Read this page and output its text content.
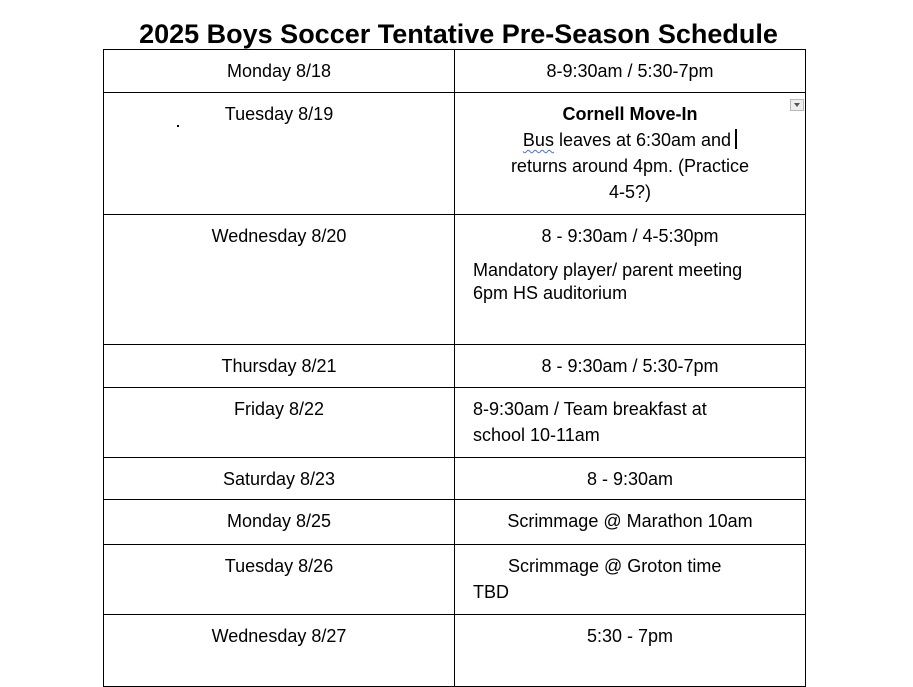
2025 Boys Soccer Tentative Pre-Season Schedule
Monday 8/18	8-9:30am / 5:30-7pm

Tuesday 8/19	Cornell Move-In
Bus leaves at 6:30am and
returns around 4pm. (Practice
4-5?)

Wednesday 8/20	8 - 9:30am / 4-5:30pm
Mandatory player/ parent meeting
6pm HS auditorium

Thursday 8/21	8 - 9:30am / 5:30-7pm

Friday 8/22	8-9:30am / Team breakfast at
school 10-11am

Saturday 8/23	8 - 9:30am

Monday 8/25	Scrimmage @ Marathon 10am

Tuesday 8/26	Scrimmage @ Groton time
TBD

Wednesday 8/27	5:30 - 7pm
